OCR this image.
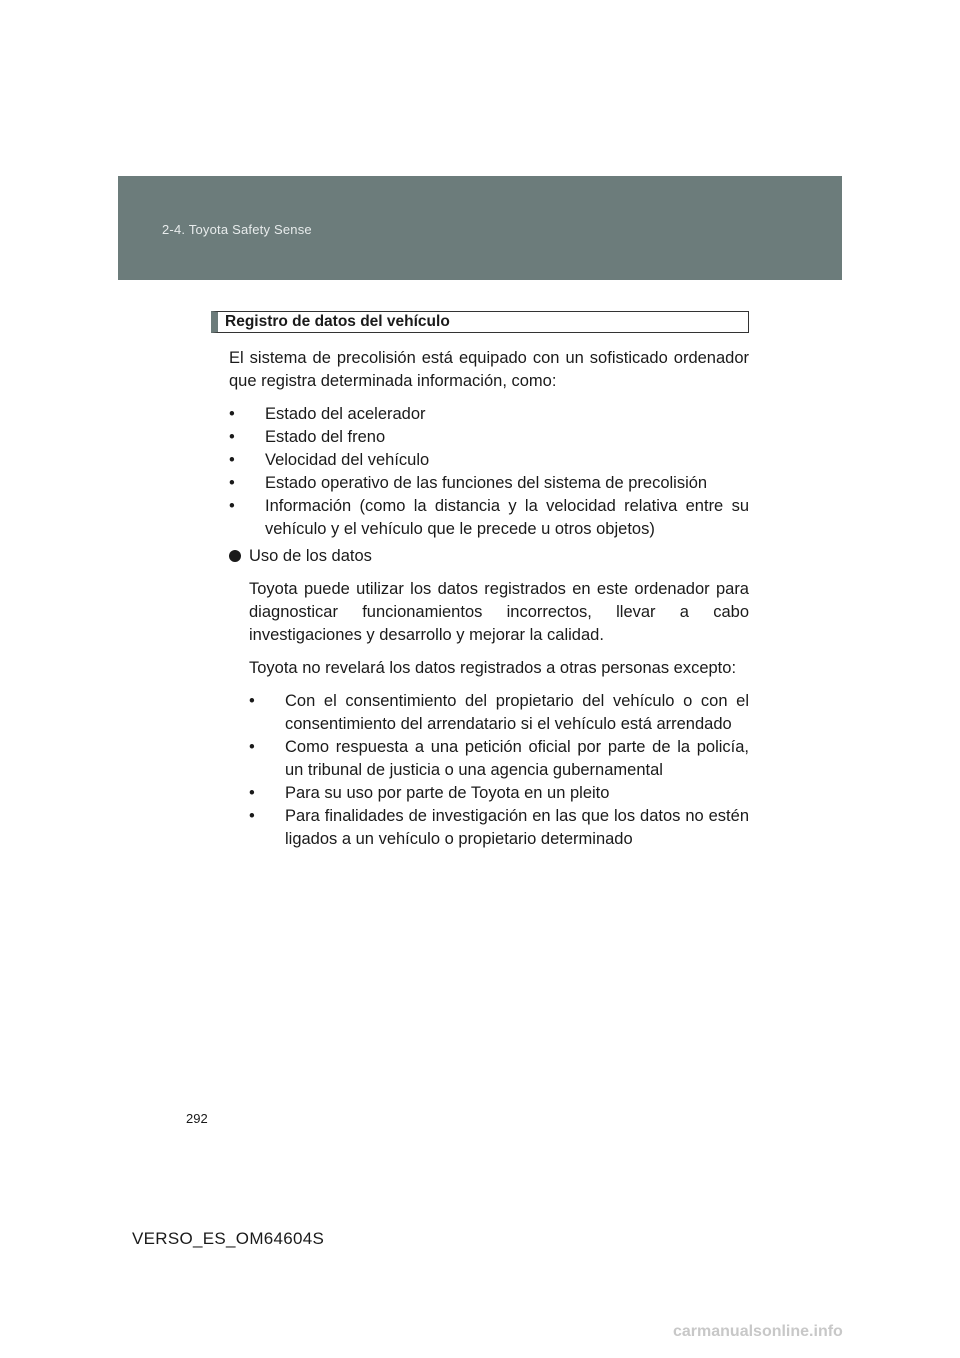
2-4. Toyota Safety Sense
Registro de datos del vehículo

El sistema de precolisión está equipado con un sofisticado ordenador que registra determinada información, como:

• Estado del acelerador
• Estado del freno
• Velocidad del vehículo
• Estado operativo de las funciones del sistema de precolisión
• Información (como la distancia y la velocidad relativa entre su vehículo y el vehículo que le precede u otros objetos)
Uso de los datos

Toyota puede utilizar los datos registrados en este ordenador para diagnosticar funcionamientos incorrectos, llevar a cabo investigaciones y desarrollo y mejorar la calidad.

Toyota no revelará los datos registrados a otras personas excepto:

• Con el consentimiento del propietario del vehículo o con el consentimiento del arrendatario si el vehículo está arrendado
• Como respuesta a una petición oficial por parte de la policía, un tribunal de justicia o una agencia gubernamental
• Para su uso por parte de Toyota en un pleito
• Para finalidades de investigación en las que los datos no estén ligados a un vehículo o propietario determinado
292
VERSO_ES_OM64604S
carmanualsonline.info
